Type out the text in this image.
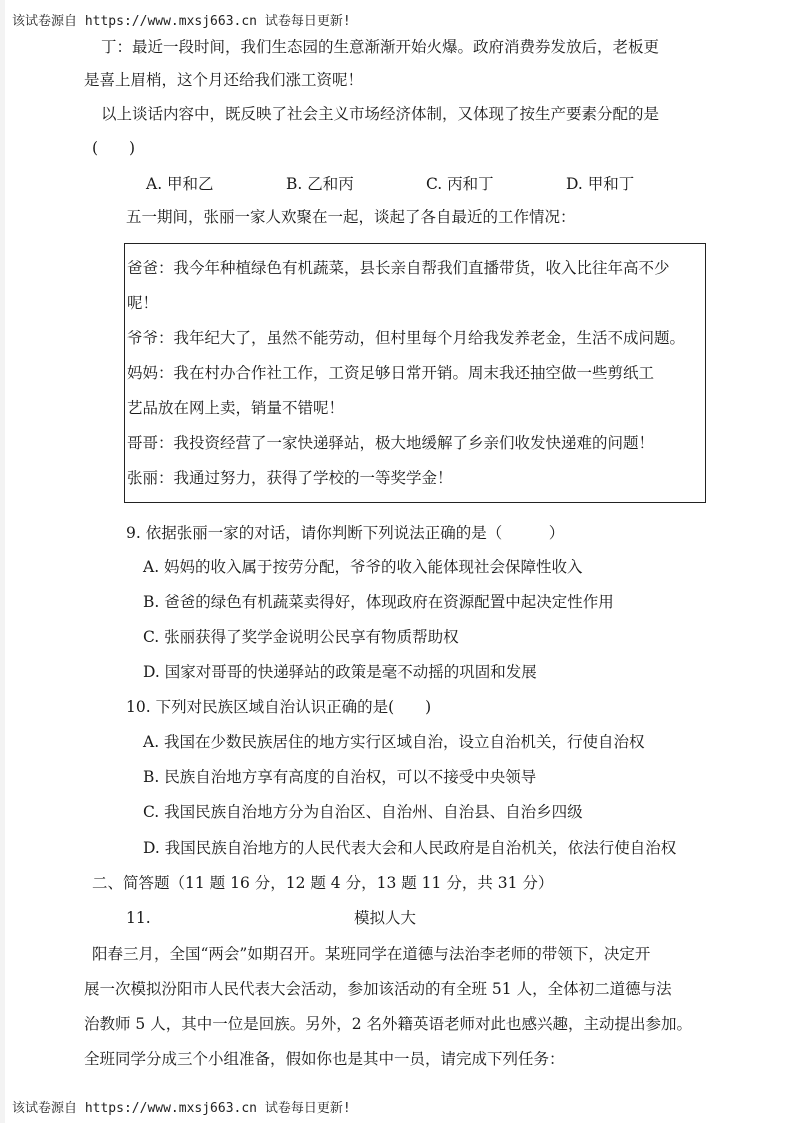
该试卷源自 https://www.mxsj663.cn 试卷每日更新!
丁：最近一段时间，我们生态园的生意渐渐开始火爆。政府消费券发放后，老板更
是喜上眉梢，这个月还给我们涨工资呢！
以上谈话内容中，既反映了社会主义市场经济体制，又体现了按生产要素分配的是
(　　)
A. 甲和乙	B. 乙和丙	C. 丙和丁	D. 甲和丁
五一期间，张丽一家人欢聚在一起，谈起了各自最近的工作情况：
爸爸：我今年种植绿色有机蔬菜，县长亲自帮我们直播带货，收入比往年高不少
呢！
爷爷：我年纪大了，虽然不能劳动，但村里每个月给我发养老金，生活不成问题。
妈妈：我在村办合作社工作，工资足够日常开销。周末我还抽空做一些剪纸工
艺品放在网上卖，销量不错呢！
哥哥：我投资经营了一家快递驿站，极大地缓解了乡亲们收发快递难的问题！
张丽：我通过努力，获得了学校的一等奖学金！
9. 依据张丽一家的对话，请你判断下列说法正确的是（　　　）
A. 妈妈的收入属于按劳分配，爷爷的收入能体现社会保障性收入
B. 爸爸的绿色有机蔬菜卖得好，体现政府在资源配置中起决定性作用
C. 张丽获得了奖学金说明公民享有物质帮助权
D. 国家对哥哥的快递驿站的政策是毫不动摇的巩固和发展
10. 下列对民族区域自治认识正确的是(　　)
A. 我国在少数民族居住的地方实行区域自治，设立自治机关，行使自治权
B. 民族自治地方享有高度的自治权，可以不接受中央领导
C. 我国民族自治地方分为自治区、自治州、自治县、自治乡四级
D. 我国民族自治地方的人民代表大会和人民政府是自治机关，依法行使自治权
二、简答题（11 题 16 分，12 题 4 分，13 题 11 分，共 31 分）
11.	模拟人大
阳春三月，全国“两会”如期召开。某班同学在道德与法治李老师的带领下，决定开
展一次模拟汾阳市人民代表大会活动，参加该活动的有全班 51 人，全体初二道德与法
治教师 5 人，其中一位是回族。另外，2 名外籍英语老师对此也感兴趣，主动提出参加。
全班同学分成三个小组准备，假如你也是其中一员，请完成下列任务：
该试卷源自 https://www.mxsj663.cn 试卷每日更新!
